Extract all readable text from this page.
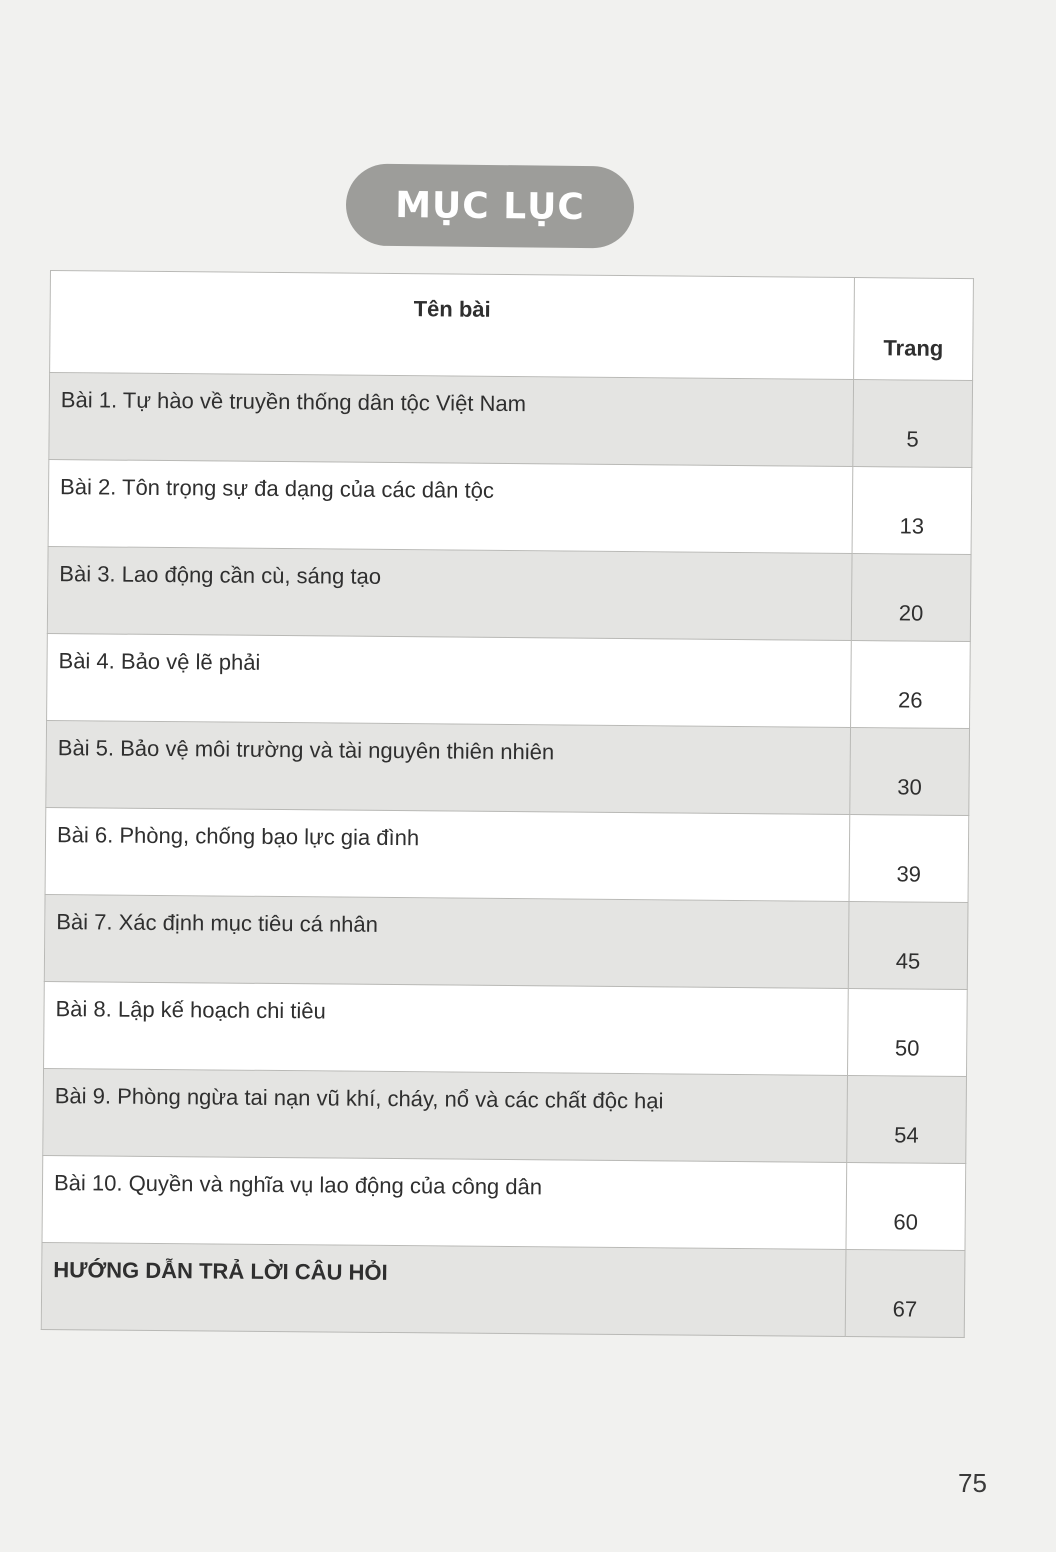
MỤC LỤC
Tên bài	Trang
Bài 1. Tự hào về truyền thống dân tộc Việt Nam	5
Bài 2. Tôn trọng sự đa dạng của các dân tộc	13
Bài 3. Lao động cần cù, sáng tạo	20
Bài 4. Bảo vệ lẽ phải	26
Bài 5. Bảo vệ môi trường và tài nguyên thiên nhiên	30
Bài 6. Phòng, chống bạo lực gia đình	39
Bài 7. Xác định mục tiêu cá nhân	45
Bài 8. Lập kế hoạch chi tiêu	50
Bài 9. Phòng ngừa tai nạn vũ khí, cháy, nổ và các chất độc hại	54
Bài 10. Quyền và nghĩa vụ lao động của công dân	60
HƯỚNG DẪN TRẢ LỜI CÂU HỎI	67
75
